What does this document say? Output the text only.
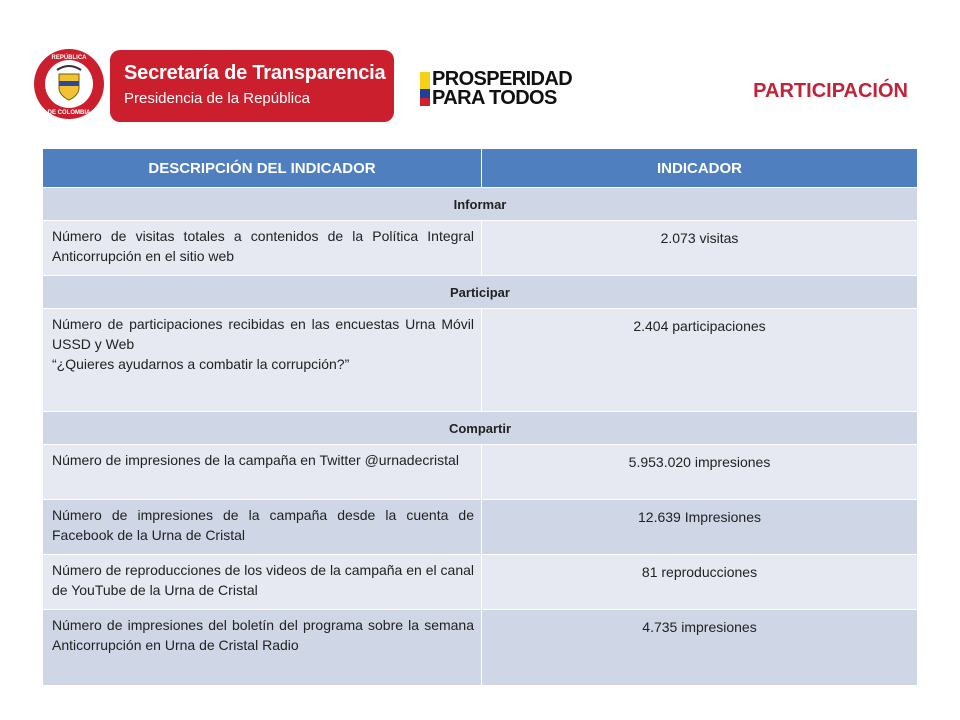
REPÚBLICA
DE COLOMBIA
Secretaría de Transparencia
Presidencia de la República
PROSPERIDAD
PARA TODOS	PARTICIPACIÓN
DESCRIPCIÓN DEL INDICADOR	INDICADOR
Informar	
Número de visitas totales a contenidos de la Política Integral Anticorrupción en el sitio web	2.073 visitas
Participar	
Número de participaciones recibidas en las encuestas Urna Móvil USSD y Web
“¿Quieres ayudarnos a combatir la corrupción?”	2.404 participaciones
Compartir	
Número de impresiones de la campaña en Twitter @urnadecristal	5.953.020 impresiones
Número de impresiones de la campaña desde la cuenta de Facebook de la Urna de Cristal	12.639 Impresiones
Número de reproducciones de los videos de la campaña en el canal de YouTube de la Urna de Cristal	81 reproducciones
Número de impresiones del boletín del programa sobre la semana Anticorrupción en Urna de Cristal Radio	4.735 impresiones
